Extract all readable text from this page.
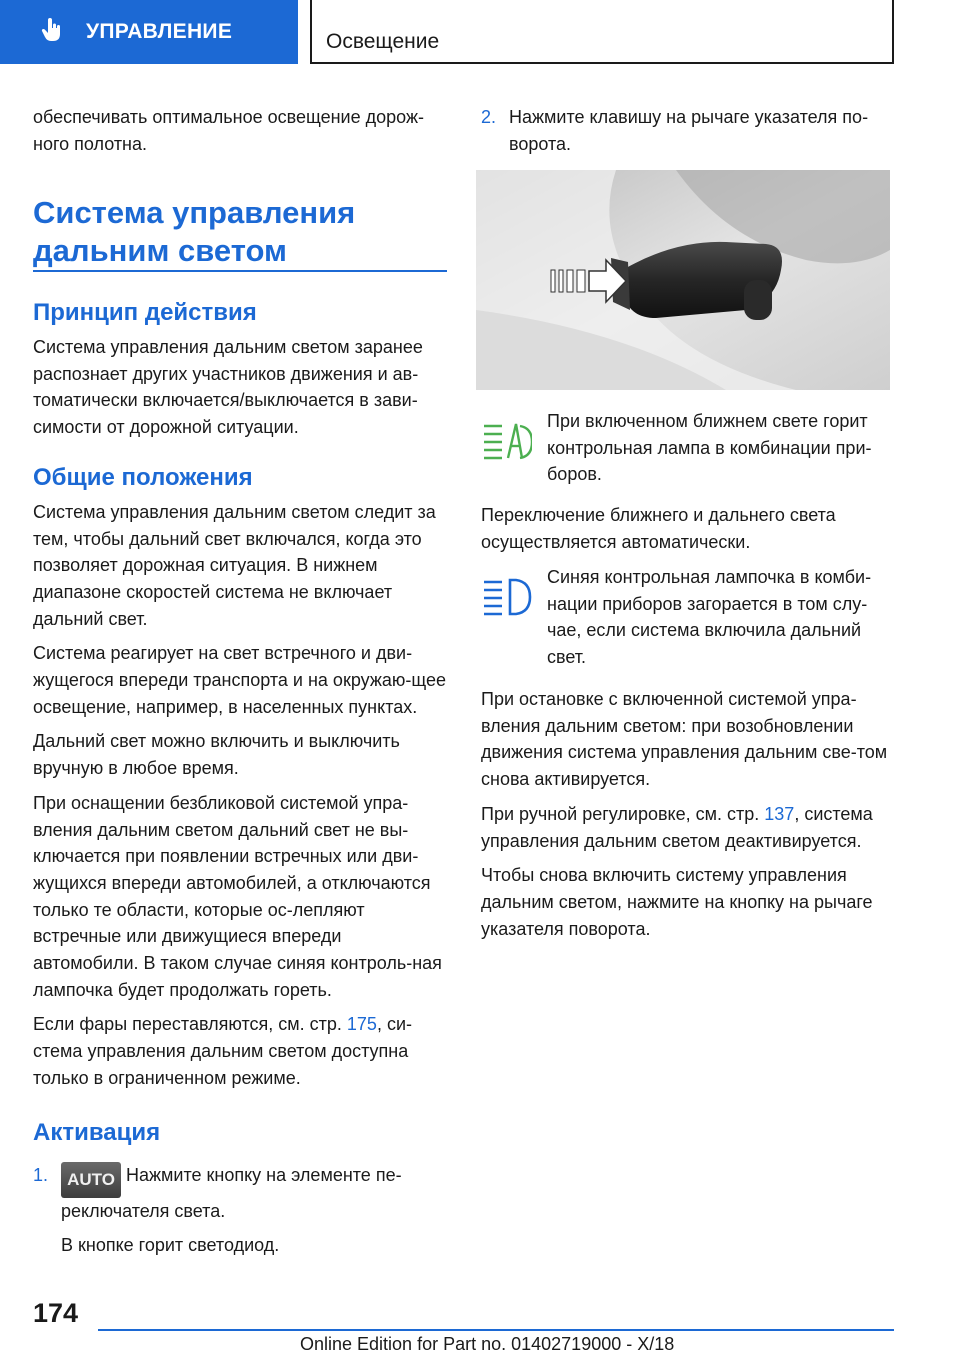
УПРАВЛЕНИЕ	Освещение

обеспечивать оптимальное освещение дорож‐ного полотна.

Система управления
дальним светом
Принцип действия

Система управления дальним светом заранее распознает других участников движения и ав‐томатически включается/выключается в зави‐симости от дорожной ситуации.

Общие положения

Система управления дальним светом следит за тем, чтобы дальний свет включался, когда это позволяет дорожная ситуация. В нижнем диапазоне скоростей система не включает дальний свет.

Система реагирует на свет встречного и дви‐жущегося впереди транспорта и на окружаю‐щее освещение, например, в населенных пунктах.

Дальний свет можно включить и выключить вручную в любое время.

При оснащении безбликовой системой упра‐вления дальним светом дальний свет не вы‐ключается при появлении встречных или дви‐жущихся впереди автомобилей, а отключаются только те области, которые ос‐лепляют встречные или движущиеся впереди автомобили. В таком случае синяя контроль‐ная лампочка будет продолжать гореть.

Если фары переставляются, см. стр. 175, си‐стема управления дальним светом доступна только в ограниченном режиме.

Активация
1.	AUTO Нажмите кнопку на элементе пе‐реключателя света.

В кнопке горит светодиод.

2. Нажмите клавишу на рычаге указателя по‐ворота.

При включенном ближнем свете горит контрольная лампа в комбинации при‐боров.
Переключение ближнего и дальнего света осуществляется автоматически.
Синяя контрольная лампочка в комби‐нации приборов загорается в том слу‐чае, если система включила дальний свет.

При остановке с включенной системой упра‐вления дальним светом: при возобновлении движения система управления дальним све‐том снова активируется.

При ручной регулировке, см. стр. 137, система управления дальним светом деактивируется.

Чтобы снова включить систему управления дальним светом, нажмите на кнопку на рычаге указателя поворота.

174
Online Edition for Part no. 01402719000 - X/18
